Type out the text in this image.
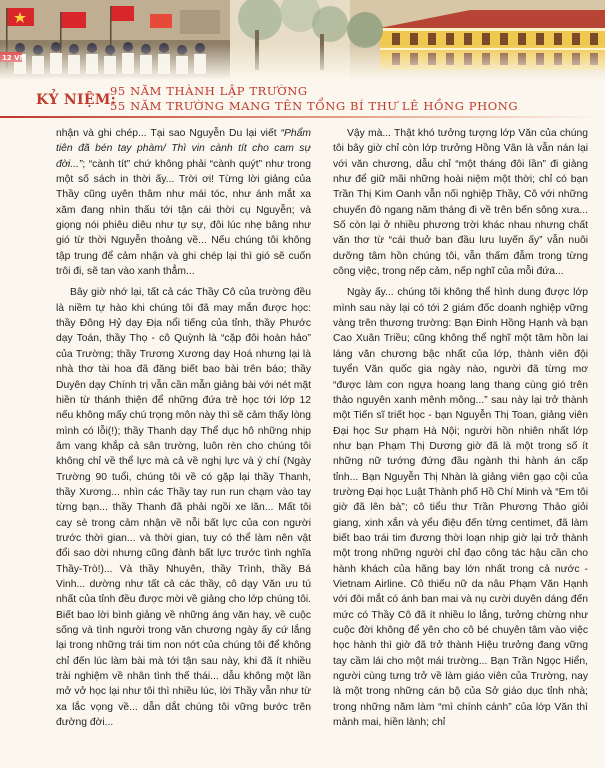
KỶ NIỆM:
95 NĂM THÀNH LẬP TRƯỜNG
55 NĂM TRƯỜNG MANG TÊN TỔNG BÍ THƯ LÊ HỒNG PHONG

nhận và ghi chép... Tại sao Nguyễn Du lại viết “Phẩm tiên đã bén tay phàm/ Thì vin cành tít cho cam sự đời...”; “cành tít” chứ không phải “cành quýt” như trong một số sách in thời ấy... Trời ơi! Từng lời giảng của Thầy cũng uyên thâm như mái tóc, như ánh mắt xa xăm đang nhìn thấu tới tận cái thời cụ Nguyễn; và giọng nói phiêu diêu như tự sự, đôi lúc nhẹ bâng như gió từ thời Nguyễn thoảng về... Nếu chúng tôi không tập trung để cảm nhận và ghi chép lại thì gió sẽ cuốn trôi đi, sẽ tan vào xanh thẳm...

Bây giờ nhớ lại, tất cả các Thầy Cô của trường đều là niềm tự hào khi chúng tôi đã may mắn được học: thầy Đông Hỷ dạy Địa nổi tiếng của tỉnh, thầy Phước dạy Toán, thầy Thọ - cô Quỳnh là “cặp đôi hoàn hảo” của Trường; thầy Trương Xương dạy Hoá nhưng lại là nhà thơ tài hoa đã đăng biết bao bài trên báo; thầy Duyên dạy Chính trị vẫn cần mẫn giảng bài với nét mặt hiền từ thánh thiện để những đứa trẻ học tới lớp 12 nếu không mấy chú trọng môn này thì sẽ cảm thấy lòng mình có lỗi(!); thầy Thanh dạy Thể dục hô những nhịp âm vang khắp cả sân trường, luôn rèn cho chúng tôi không chỉ về thể lực mà cả về nghị lực và ý chí (Ngày Trường 90 tuổi, chúng tôi về có gặp lại thầy Thanh, thầy Xương... nhìn các Thầy tay run run chạm vào tay từng bạn... thầy Thanh đã phải ngồi xe lăn... Mất tôi cay sè trong cảm nhận về nỗi bất lực của con người trước thời gian... và thời gian, tuy có thể làm nên vật đổi sao dời nhưng cũng đành bất lực trước tình nghĩa Thầy-Trò!)... Và thầy Nhuyên, thầy Trình, thầy Bá Vinh... dường như tất cả các thầy, cô dạy Văn ưu tú nhất của tỉnh đều được mời về giảng cho lớp chúng tôi. Biết bao lời bình giảng về những áng văn hay, về cuộc sống và tình người trong văn chương ngày ấy cứ lắng lại trong những trái tim non nớt của chúng tôi để không chỉ đến lúc làm bài mà tới tận sau này, khi đã ít nhiều trải nghiệm về nhân tình thế thái... dẫu không một lần mở vở học lại như tôi thì nhiều lúc, lời Thầy vẫn như từ xa lắc vọng về... dẫn dắt chúng tôi vững bước trên đường đời...

Vậy mà... Thật khó tưởng tượng lớp Văn của chúng tôi bây giờ chỉ còn lớp trưởng Hồng Vân là vẫn nán lại với văn chương, dẫu chỉ “một tháng đôi lần” đi giảng như để giữ mãi những hoài niệm một thời; chỉ có bạn Trần Thị Kim Oanh vẫn nối nghiệp Thầy, Cô với những chuyến đò ngang năm tháng đi về trên bến sông xưa... Số còn lại ở nhiều phương trời khác nhau nhưng chất văn thơ từ “cái thuở ban đầu lưu luyến ấy” vẫn nuôi dưỡng tâm hồn chúng tôi, vẫn thấm đẫm trong từng công việc, trong nếp cảm, nếp nghĩ của mỗi đứa...

Ngày ấy... chúng tôi không thể hình dung được lớp mình sau này lại có tới 2 giám đốc doanh nghiệp vững vàng trên thương trường: Bạn Đinh Hồng Hạnh và bạn Cao Xuân Triều; cũng không thể nghĩ một tâm hồn lai láng văn chương bậc nhất của lớp, thành viên đội tuyển Văn quốc gia ngày nào, người đã từng mơ “được làm con ngựa hoang lang thang cùng gió trên thảo nguyên xanh mênh mông...” sau này lại trở thành một Tiến sĩ triết học - bạn Nguyễn Thị Toan, giảng viên Đại học Sư phạm Hà Nội; người hồn nhiên nhất lớp như bạn Phạm Thị Dương giờ đã là một trong số ít những nữ tướng đứng đầu ngành thi hành án cấp tỉnh... Bạn Nguyễn Thị Nhàn là giảng viên gạo cội của trường Đại học Luật Thành phố Hồ Chí Minh và “Em tôi giờ đã lên bà”; cô tiểu thư Trần Phương Thảo giỏi giang, xinh xắn và yểu điệu đến từng centimet, đã làm biết bao trái tim đương thời loạn nhịp giờ lại trở thành một trong những người chỉ đạo công tác hậu cần cho hành khách của hãng bay lớn nhất trong cả nước - Vietnam Airline. Cô thiếu nữ da nâu Phạm Văn Hạnh với đôi mắt có ánh ban mai và nụ cười duyên dáng đến mức có Thầy Cô đã ít nhiều lo lắng, tưởng chừng như cuộc đời không để yên cho cô bé chuyên tâm vào việc học hành thì giờ đã trở thành Hiệu trưởng đang vững tay cầm lái cho một mái trường... Bạn Trần Ngọc Hiển, người cùng tưng trở về làm giáo viên của Trường, nay là một trong những cán bộ của Sở giáo dục tỉnh nhà; trong những năm làm “mì chính cánh” của lớp Văn thì mảnh mai, hiền lành; chỉ
